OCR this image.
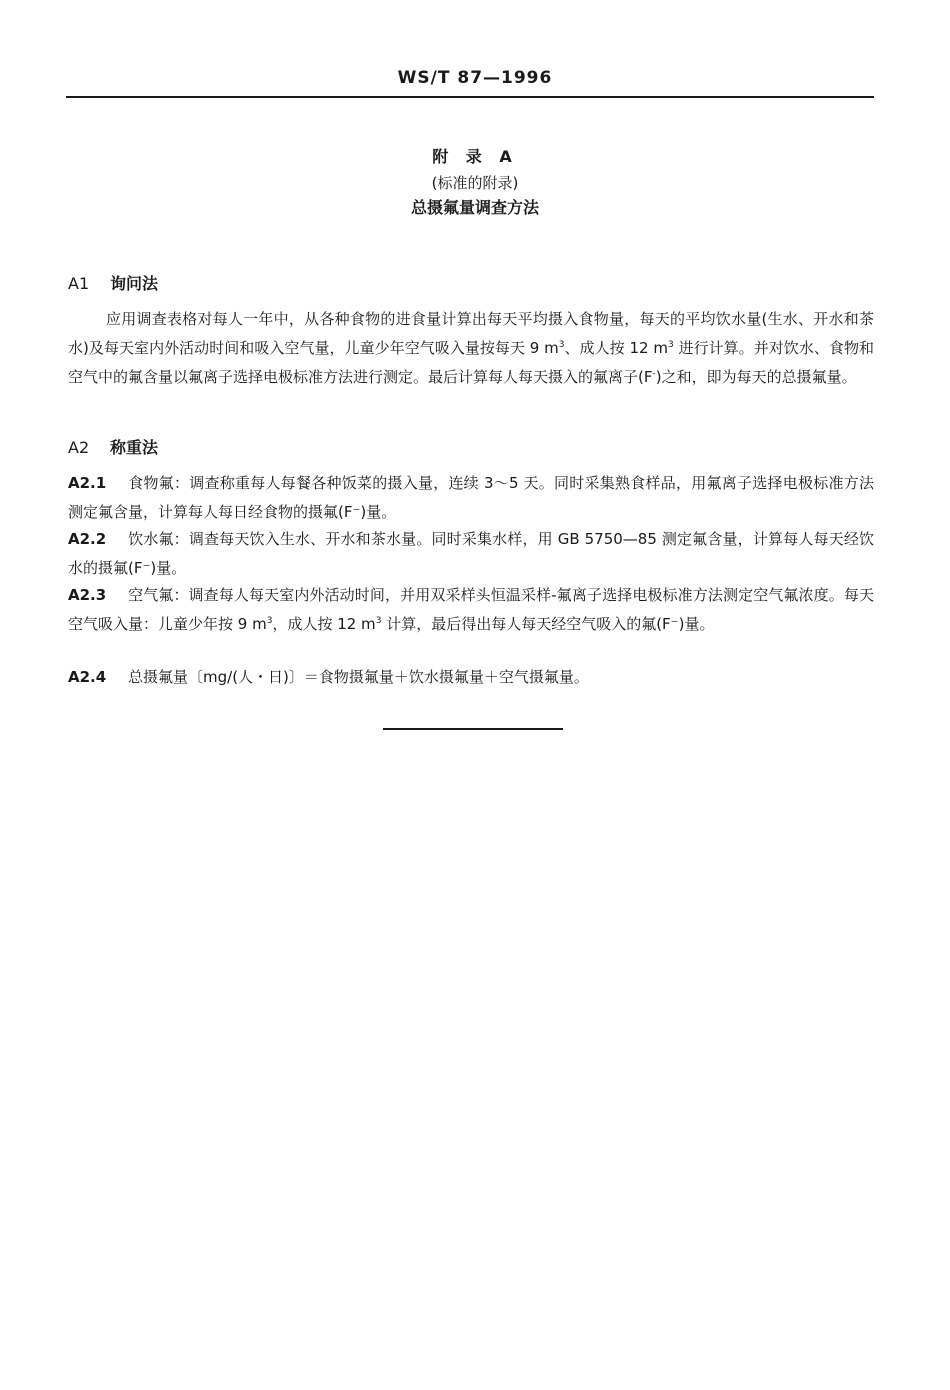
WS/T 87—1996
附 录 A
(标准的附录)
总摄氟量调查方法
A1 询问法
应用调查表格对每人一年中，从各种食物的进食量计算出每天平均摄入食物量，每天的平均饮水量(生水、开水和茶水)及每天室内外活动时间和吸入空气量，儿童少年空气吸入量按每天 9 $m^3$、成人按 12 $m^3$ 进行计算。并对饮水、食物和空气中的氟含量以氟离子选择电极标准方法进行测定。最后计算每人每天摄入的氟离子(F-)之和，即为每天的总摄氟量。
A2 称重法
A2.1 食物氟：调查称重每人每餐各种饭菜的摄入量，连续 3～5 天。同时采集熟食样品，用氟离子选择电极标准方法测定氟含量，计算每人每日经食物的摄氟(F⁻)量。
A2.2 饮水氟：调查每天饮入生水、开水和茶水量。同时采集水样，用 GB 5750—85 测定氟含量，计算每人每天经饮水的摄氟(F⁻)量。
A2.3 空气氟：调查每人每天室内外活动时间，并用双采样头恒温采样-氟离子选择电极标准方法测定空气氟浓度。每天空气吸入量：儿童少年按 9 $m^3$，成人按 12 $m^3$ 计算，最后得出每人每天经空气吸入的氟(F⁻)量。
A2.4 总摄氟量〔mg/(人・日)〕＝食物摄氟量＋饮水摄氟量＋空气摄氟量。
